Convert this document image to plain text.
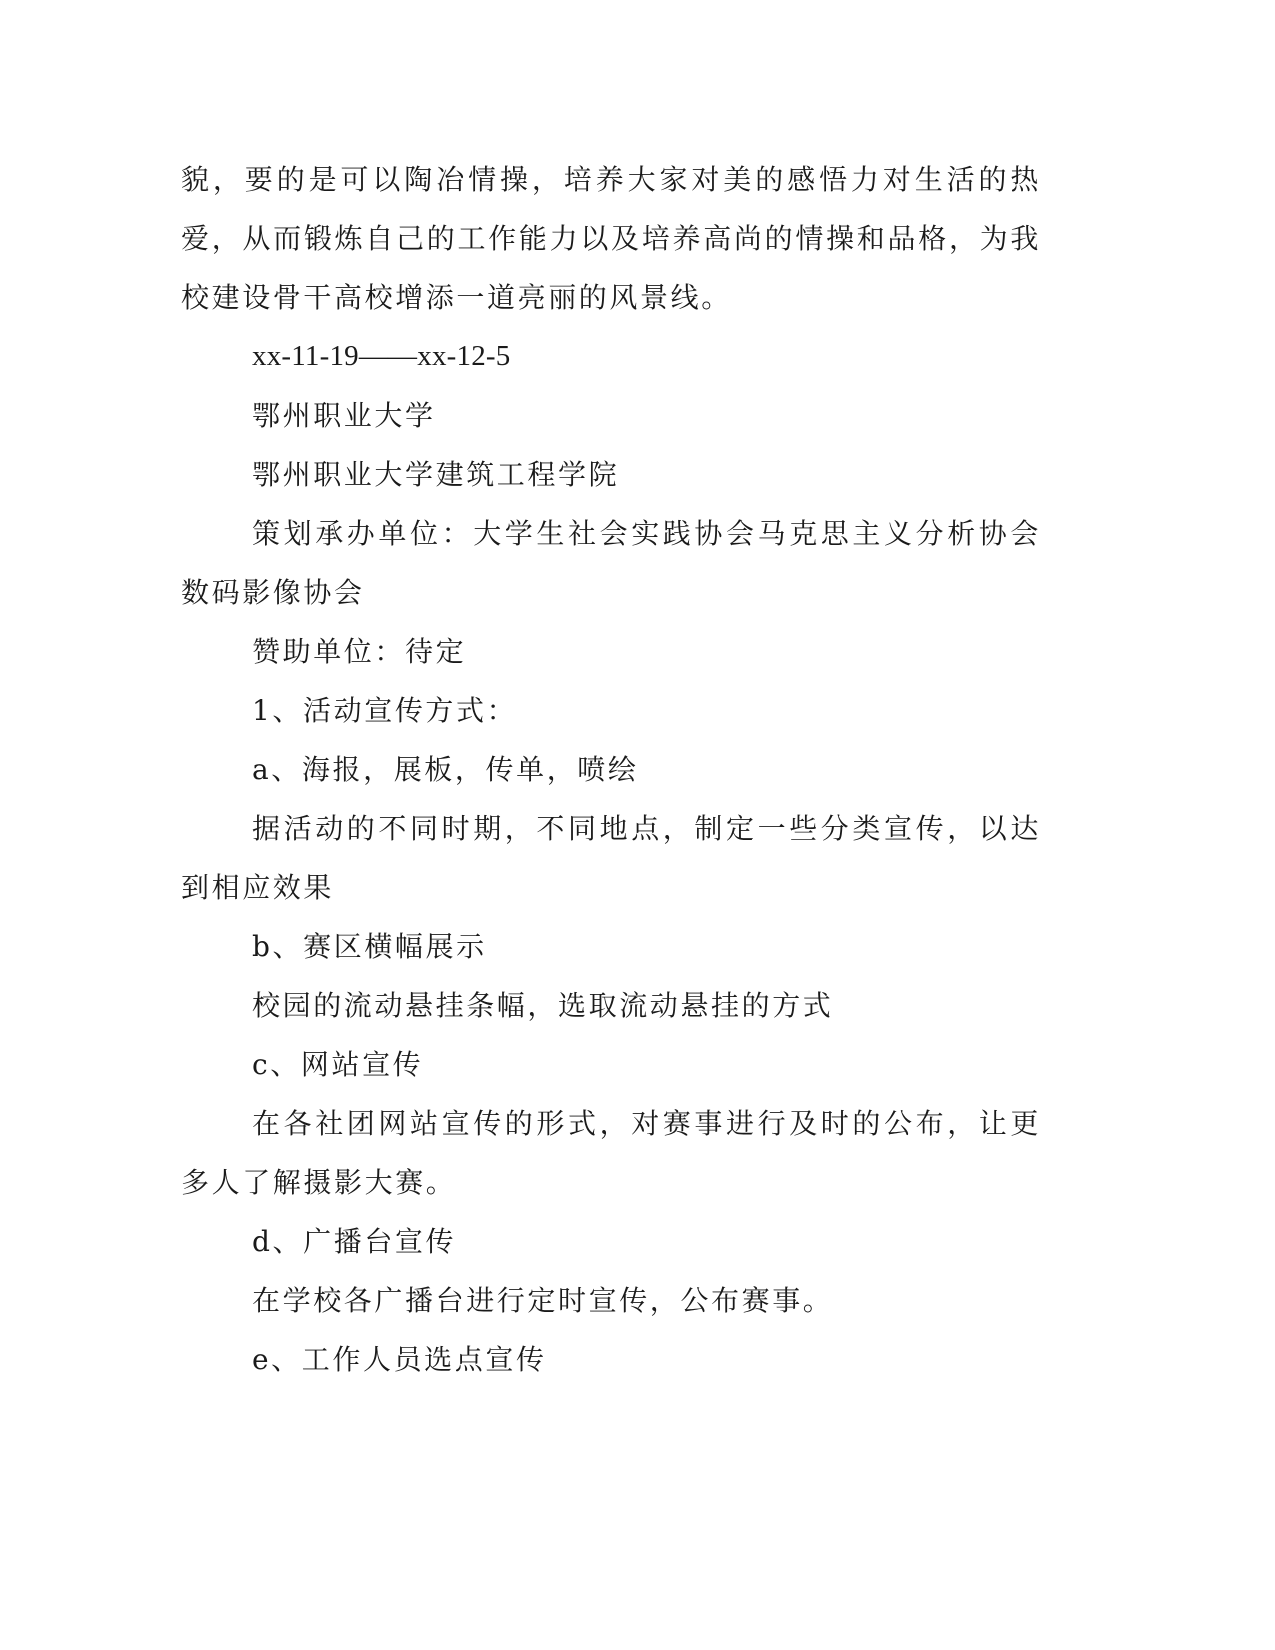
貌，要的是可以陶冶情操，培养大家对美的感悟力对生活的热爱，从而锻炼自己的工作能力以及培养高尚的情操和品格，为我校建设骨干高校增添一道亮丽的风景线。

xx-11-19——xx-12-5

鄂州职业大学

鄂州职业大学建筑工程学院

策划承办单位：大学生社会实践协会马克思主义分析协会数码影像协会

赞助单位：待定

1、活动宣传方式：

a、海报，展板，传单，喷绘

据活动的不同时期，不同地点，制定一些分类宣传，以达到相应效果

b、赛区横幅展示

校园的流动悬挂条幅，选取流动悬挂的方式

c、网站宣传

在各社团网站宣传的形式，对赛事进行及时的公布，让更多人了解摄影大赛。

d、广播台宣传

在学校各广播台进行定时宣传，公布赛事。

e、工作人员选点宣传
